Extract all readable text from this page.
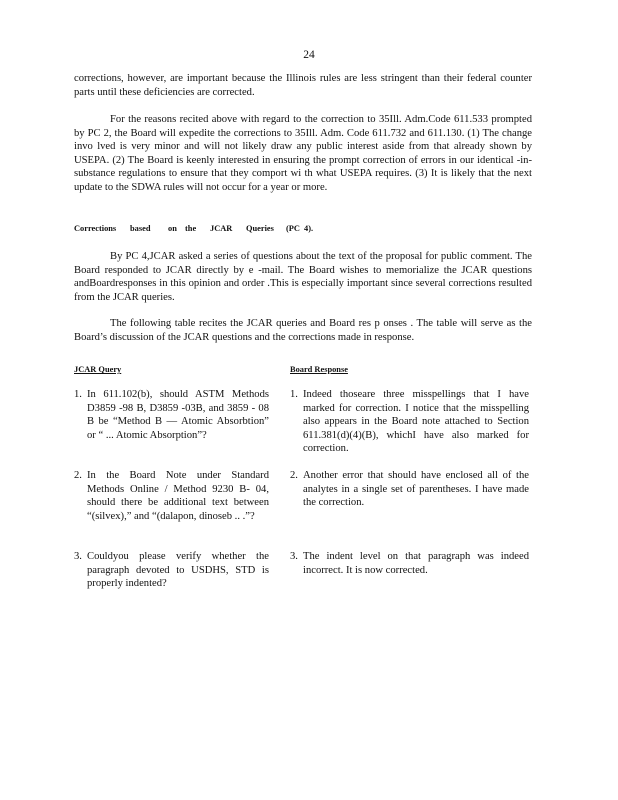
24
corrections, however, are important because the Illinois rules are less stringent than their federal counter parts until these deficiencies are corrected.
For the reasons recited above with regard to the correction to 35Ill. Adm.Code 611.533 prompted by PC 2, the Board will expedite the corrections to 35Ill. Adm. Code 611.732 and 611.130. (1) The change invo lved is very minor and will not likely draw any public interest aside from that already shown by USEPA. (2) The Board is keenly interested in ensuring the prompt correction of errors in our identical -in-substance regulations to ensure that they comport wi th what USEPA requires. (3) It is likely that the next update to the SDWA rules will not occur for a year or more.
Corrections based on the JCAR Queries (PC 4).
By PC 4,JCAR asked a series of questions about the text of the proposal for public comment. The Board responded to JCAR directly by e -mail. The Board wishes to memorialize the JCAR questions andBoardresponses in this opinion and order .This is especially important since several corrections resulted from the JCAR queries.
The following table recites the JCAR queries and Board res p onses . The table will serve as the Board’s discussion of the JCAR questions and the corrections made in response.
JCAR Query	Board Response
1. In 611.102(b), should ASTM Methods D3859 -98 B, D3859 -03B, and 3859 - 08 B be “Method B — Atomic Absorbtion” or “ ... Atomic Absorption”?
1. Indeed thoseare three misspellings that I have marked for correction. I notice that the misspelling also appears in the Board note attached to Section 611.381(d)(4)(B), whichI have also marked for correction.
2. In the Board Note under Standard Methods Online / Method 9230 B- 04, should there be additional text between “(silvex),” and “(dalapon, dinoseb .. .”?
2. Another error that should have enclosed all of the analytes in a single set of parentheses. I have made the correction.
3. Couldyou please verify whether the paragraph devoted to USDHS, STD is properly indented?
3. The indent level on that paragraph was indeed incorrect. It is now corrected.
